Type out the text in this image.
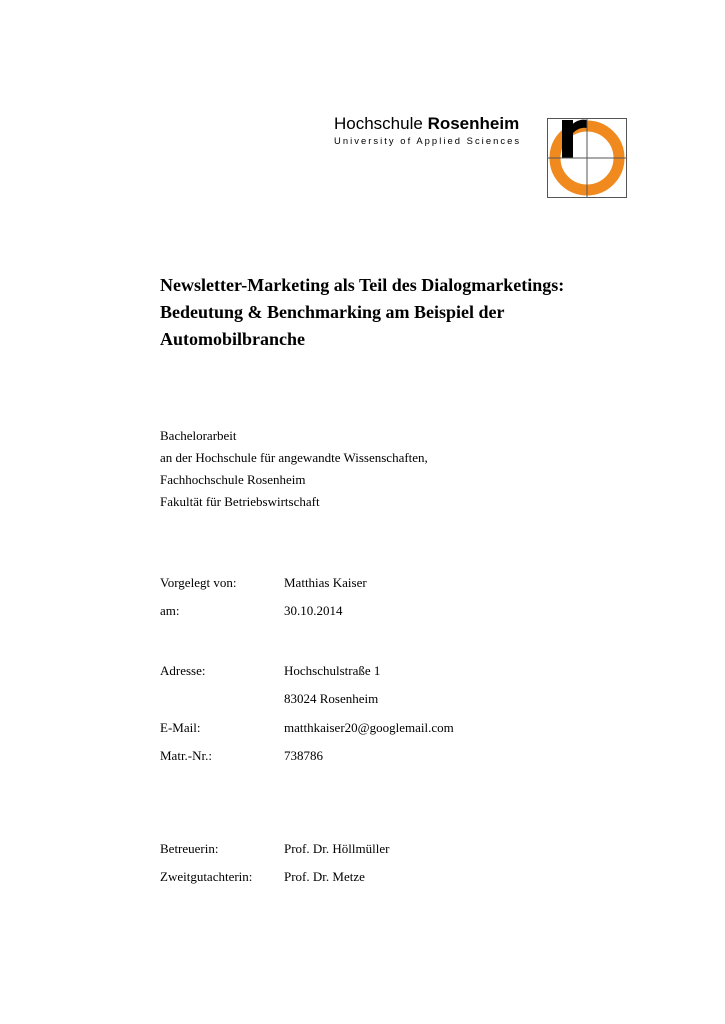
Hochschule Rosenheim
University of Applied Sciences
Newsletter-Marketing als Teil des Dialogmarketings:
Bedeutung & Benchmarking am Beispiel der
Automobilbranche
Bachelorarbeit
an der Hochschule für angewandte Wissenschaften,
Fachhochschule Rosenheim
Fakultät für Betriebswirtschaft
Vorgelegt von:	Matthias Kaiser
am:	30.10.2014
Adresse:	Hochschulstraße 1
83024 Rosenheim
E-Mail:	matthkaiser20@googlemail.com
Matr.-Nr.:	738786
Betreuerin:	Prof. Dr. Höllmüller
Zweitgutachterin: Prof. Dr. Metze
